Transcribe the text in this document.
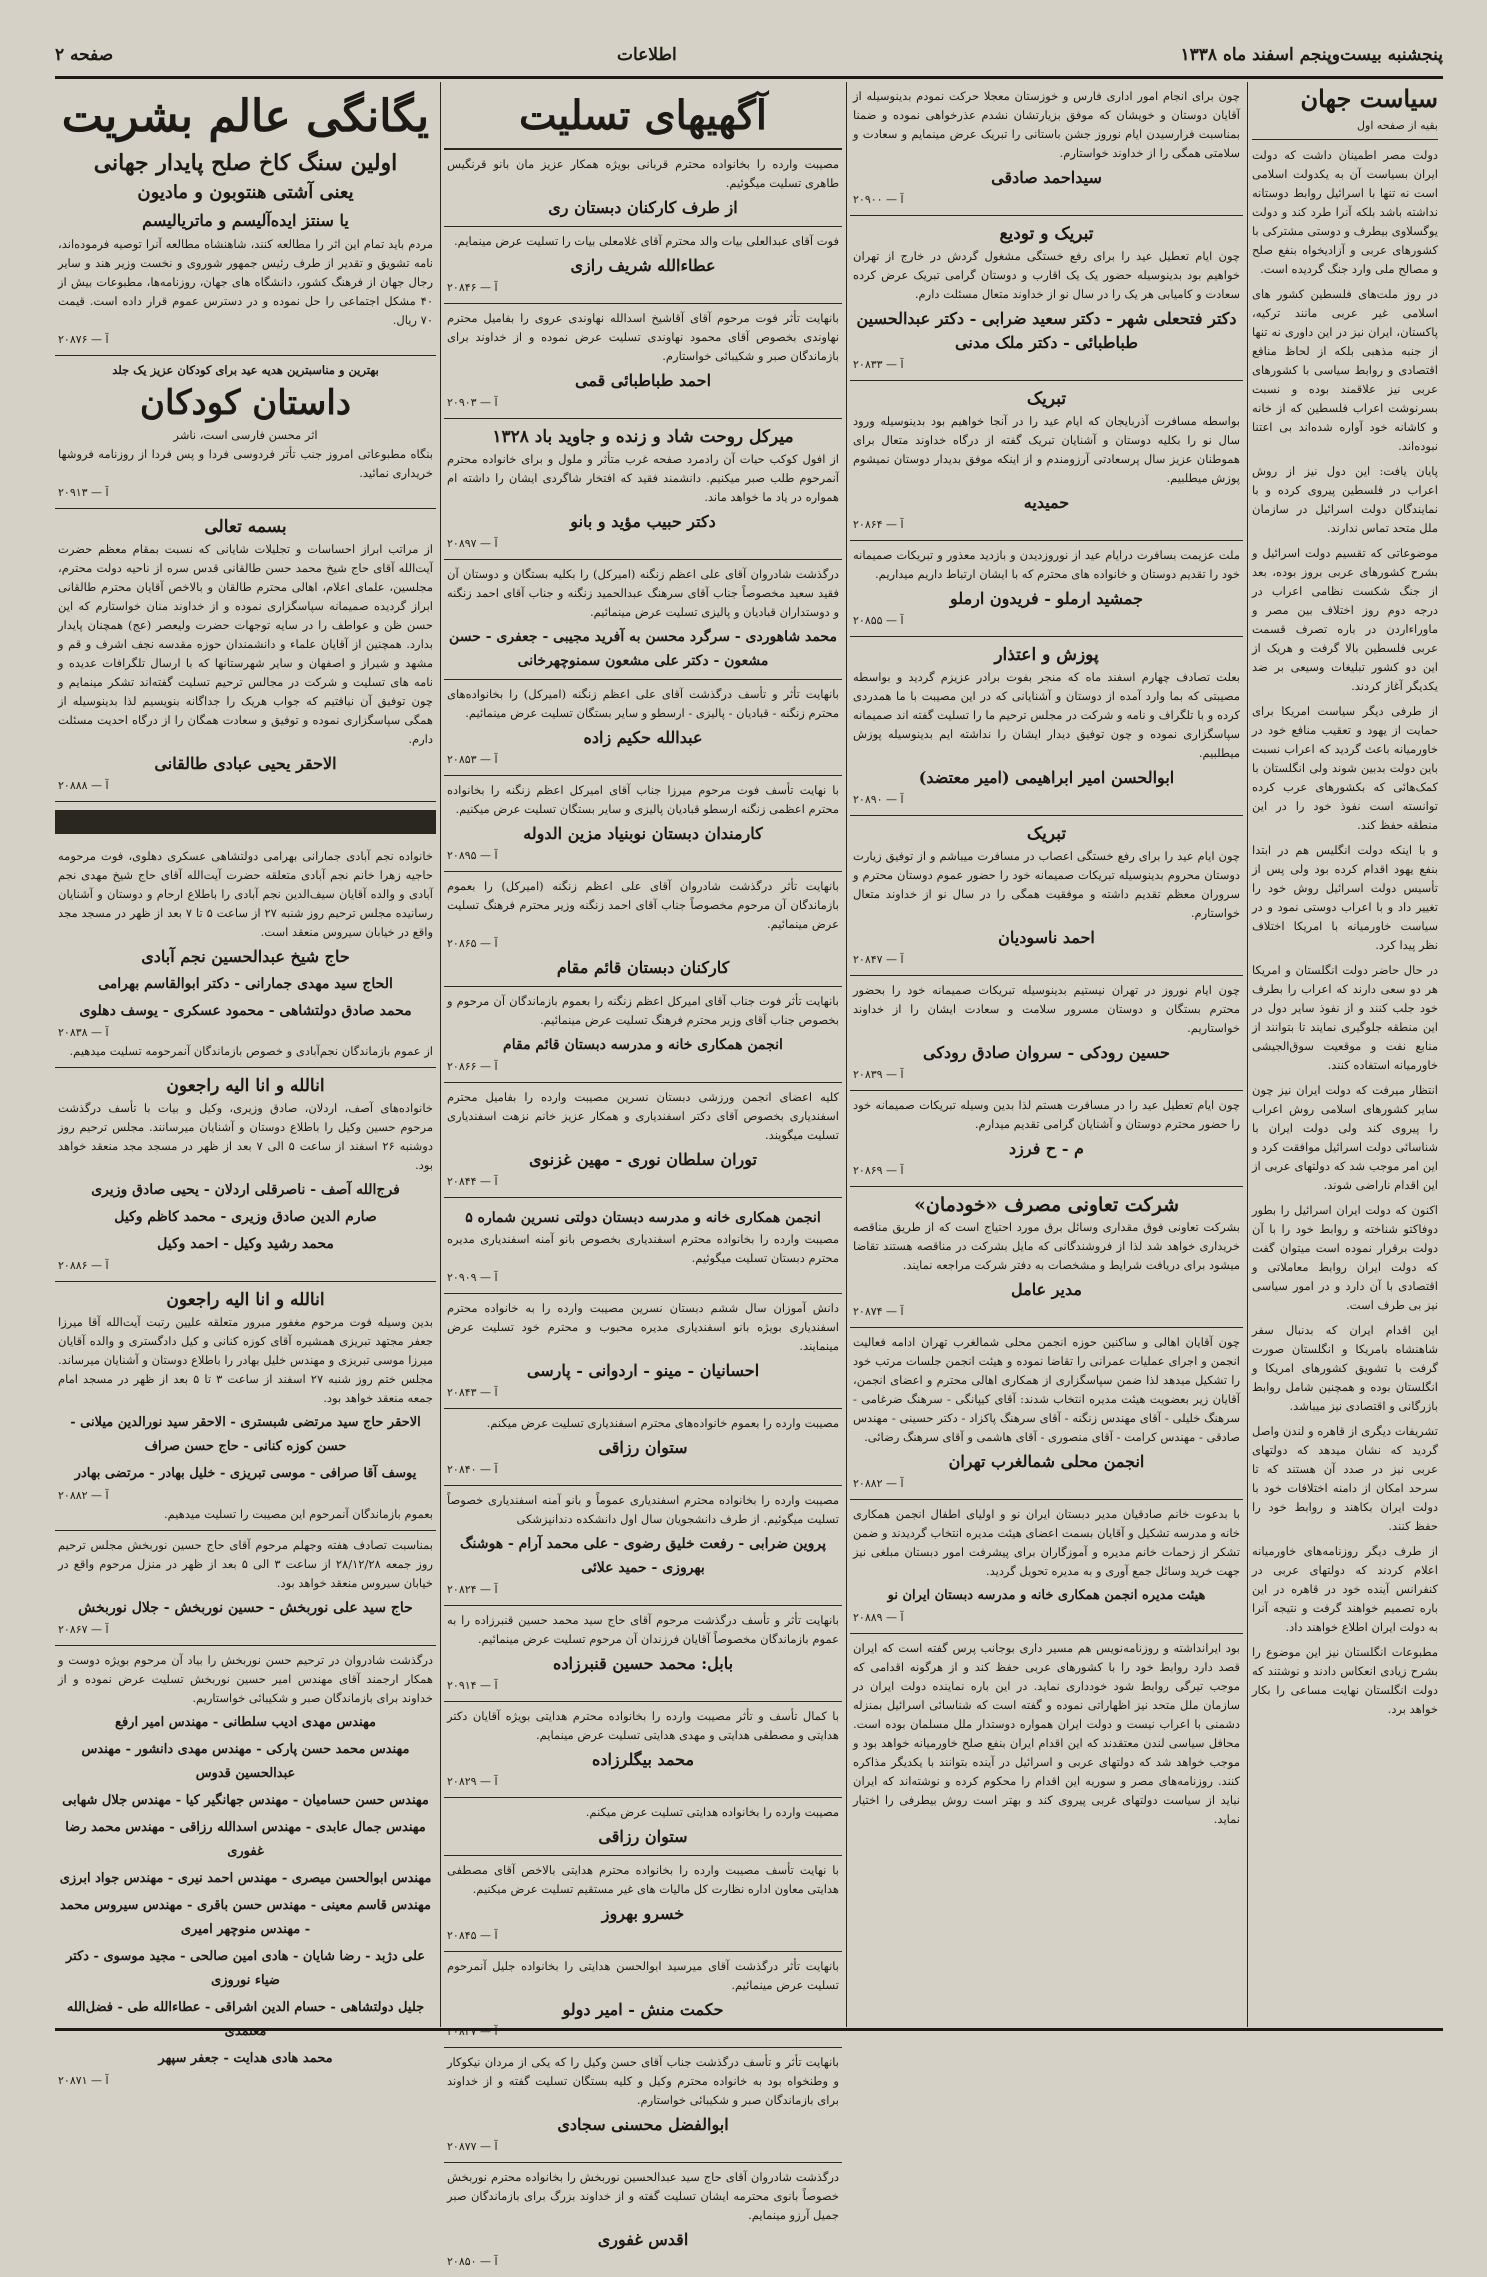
صفحه ۲	اطلاعات	پنجشنبه بیست‌وپنجم اسفند ماه ۱۳۳۸
سیاست جهان
بقیه از صفحه اول

دولت مصر اطمینان داشت که دولت ایران بسیاست آن به یکدولت اسلامی است نه تنها با اسرائیل روابط دوستانه نداشته باشد بلکه آنرا طرد کند و دولت یوگسلاوی بیطرف و دوستی مشترکی با کشورهای عربی و آزادیخواه بنفع صلح و مصالح ملی وارد جنگ گردیده است.

در روز ملت‌های فلسطین کشور های اسلامی غیر عربی مانند ترکیه، پاکستان، ایران نیز در این داوری نه تنها از جنبه مذهبی بلکه از لحاظ منافع اقتصادی و روابط سیاسی با کشورهای عربی نیز علاقمند بوده و نسبت بسرنوشت اعراب فلسطین که از خانه و کاشانه خود آواره شده‌اند بی اعتنا نبوده‌اند.

پایان یافت: این دول نیز از روش اعراب در فلسطین پیروی کرده و با نمایندگان دولت اسرائیل در سازمان ملل متحد تماس ندارند.

موضوعاتی که تقسیم دولت اسرائیل و بشرح کشورهای عربی بروز بوده، بعد از جنگ شکست نظامی اعراب در درجه دوم روز اختلاف بین مصر و ماوراءاردن در باره تصرف قسمت عربی فلسطین بالا گرفت و هریک از این دو کشور تبلیغات وسیعی بر ضد یکدیگر آغاز کردند.

از طرفی دیگر سیاست امریکا برای حمایت از یهود و تعقیب منافع خود در خاورمیانه باعث گردید که اعراب نسبت باین دولت بدبین شوند ولی انگلستان با کمک‌هائی که بکشورهای عرب کرده توانسته است نفوذ خود را در این منطقه حفظ کند.

و با اینکه دولت انگلیس هم در ابتدا بنفع یهود اقدام کرده بود ولی پس از تأسیس دولت اسرائیل روش خود را تغییر داد و با اعراب دوستی نمود و در سیاست خاورمیانه با امریکا اختلاف نظر پیدا کرد.

در حال حاضر دولت انگلستان و امریکا هر دو سعی دارند که اعراب را بطرف خود جلب کنند و از نفوذ سایر دول در این منطقه جلوگیری نمایند تا بتوانند از منابع نفت و موقعیت سوق‌الجیشی خاورمیانه استفاده کنند.

انتظار میرفت که دولت ایران نیز چون سایر کشورهای اسلامی روش اعراب را پیروی کند ولی دولت ایران با شناسائی دولت اسرائیل موافقت کرد و این امر موجب شد که دولتهای عربی از این اقدام ناراضی شوند.

اکنون که دولت ایران اسرائیل را بطور دوفاکتو شناخته و روابط خود را با آن دولت برقرار نموده است میتوان گفت که دولت ایران روابط معاملاتی و اقتصادی با آن دارد و در امور سیاسی نیز بی طرف است.

این اقدام ایران که بدنبال سفر شاهنشاه بامریکا و انگلستان صورت گرفت با تشویق کشورهای امریکا و انگلستان بوده و همچنین شامل روابط بازرگانی و اقتصادی نیز میباشد.

تشریفات دیگری از قاهره و لندن واصل گردید که نشان میدهد که دولتهای عربی نیز در صدد آن هستند که تا سرحد امکان از دامنه اختلافات خود با دولت ایران بکاهند و روابط خود را حفظ کنند.

از طرف دیگر روزنامه‌های خاورمیانه اعلام کردند که دولتهای عربی در کنفرانس آینده خود در قاهره در این باره تصمیم خواهند گرفت و نتیجه آنرا به دولت ایران اطلاع خواهند داد.

مطبوعات انگلستان نیز این موضوع را بشرح زیادی انعکاس دادند و نوشتند که دولت انگلستان نهایت مساعی را بکار خواهد برد.

چون برای انجام امور اداری فارس و خوزستان معجلا حرکت نمودم بدینوسیله از آقایان دوستان و خویشان که موفق بزیارتشان نشدم عذرخواهی نموده و ضمنا بمناسبت فرارسیدن ایام نوروز جشن باستانی را تبریک عرض مینمایم و سعادت و سلامتی همگی را از خداوند خواستارم.

سیداحمد صادقی
آ — ۲۰۹۰۰
تبریک و تودیع

چون ایام تعطیل عید را برای رفع خستگی مشغول گردش در خارج از تهران خواهیم بود بدینوسیله حضور یک یک اقارب و دوستان گرامی تبریک عرض کرده سعادت و کامیابی هر یک را در سال نو از خداوند متعال مسئلت دارم.

دکتر فتحعلی شهر - دکتر سعید ضرابی - دکتر عبدالحسین طباطبائی - دکتر ملک مدنی
آ — ۲۰۸۳۳
تبریک

بواسطه مسافرت آذربایجان که ایام عید را در آنجا خواهیم بود بدینوسیله ورود سال نو را بکلیه دوستان و آشنایان تبریک گفته از درگاه خداوند متعال برای هموطنان عزیز سال پرسعادتی آرزومندم و از اینکه موفق بدیدار دوستان نمیشوم پوزش میطلبیم.

حمیدیه
آ — ۲۰۸۶۴

ملت عزیمت بسافرت درایام عید از نوروزدیدن و بازدید معذور و تبریکات صمیمانه خود را تقدیم دوستان و خانواده های محترم که با ایشان ارتباط داریم میداریم.

جمشید ارملو - فریدون ارملو
آ — ۲۰۸۵۵
پوزش و اعتذار

بعلت تصادف چهارم اسفند ماه که منجر بفوت برادر عزیزم گردید و بواسطه مصیبتی که بما وارد آمده از دوستان و آشنایانی که در این مصیبت با ما همدردی کرده و با تلگراف و نامه و شرکت در مجلس ترحیم ما را تسلیت گفته اند صمیمانه سپاسگزاری نموده و چون توفیق دیدار ایشان را نداشته ایم بدینوسیله پوزش میطلبیم.

ابوالحسن امیر ابراهیمی (امیر معتضد)
آ — ۲۰۸۹۰
تبریک

چون ایام عید را برای رفع خستگی اعصاب در مسافرت میباشم و از توفیق زیارت دوستان محروم بدینوسیله تبریکات صمیمانه خود را حضور عموم دوستان محترم و سروران معظم تقدیم داشته و موفقیت همگی را در سال نو از خداوند متعال خواستارم.

احمد ناسودیان
آ — ۲۰۸۴۷

چون ایام نوروز در تهران نیستیم بدینوسیله تبریکات صمیمانه خود را بحضور محترم بستگان و دوستان مسرور سلامت و سعادت ایشان را از خداوند خواستاریم.

حسین رودکی - سروان صادق رودکی
آ — ۲۰۸۳۹

چون ایام تعطیل عید را در مسافرت هستم لذا بدین وسیله تبریکات صمیمانه خود را حضور محترم دوستان و آشنایان گرامی تقدیم میدارم.

م - ح فرزد
آ — ۲۰۸۶۹
شرکت تعاونی مصرف «خودمان»

بشرکت تعاونی فوق مقداری وسائل برق مورد احتیاج است که از طریق مناقصه خریداری خواهد شد لذا از فروشندگانی که مایل بشرکت در مناقصه هستند تقاضا میشود برای دریافت شرایط و مشخصات به دفتر شرکت مراجعه نمایند.

مدیر عامل
آ — ۲۰۸۷۴

چون آقایان اهالی و ساکنین حوزه انجمن محلی شمالغرب تهران ادامه فعالیت انجمن و اجرای عملیات عمرانی را تقاضا نموده و هیئت انجمن جلسات مرتب خود را تشکیل میدهد لذا ضمن سپاسگزاری از همکاری اهالی محترم و اعضای انجمن، آقایان زیر بعضویت هیئت مدیره انتخاب شدند: آقای کیپانگی - سرهنگ ضرغامی - سرهنگ خلیلی - آقای مهندس زنگنه - آقای سرهنگ پاکزاد - دکتر حسینی - مهندس صادقی - مهندس کرامت - آقای منصوری - آقای هاشمی و آقای سرهنگ رضائی.

انجمن محلی شمالغرب تهران
آ — ۲۰۸۸۲

با بدعوت خانم صادقیان مدیر دبستان ایران نو و اولیای اطفال انجمن همکاری خانه و مدرسه تشکیل و آقایان بسمت اعضای هیئت مدیره انتخاب گردیدند و ضمن تشکر از زحمات خانم مدیره و آموزگاران برای پیشرفت امور دبستان مبلغی نیز جهت خرید وسائل جمع آوری و به مدیره تحویل گردید.

هیئت مدیره انجمن همکاری خانه و مدرسه دبستان ایران نو
آ — ۲۰۸۸۹

بود ایرانداشته و روزنامه‌نویس هم مسیر داری بوجانب پرس گفته است که ایران قصد دارد روابط خود را با کشورهای عربی حفظ کند و از هرگونه اقدامی که موجب تیرگی روابط شود خودداری نماید. در این باره نماینده دولت ایران در سازمان ملل متحد نیز اظهاراتی نموده و گفته است که شناسائی اسرائیل بمنزله دشمنی با اعراب نیست و دولت ایران همواره دوستدار ملل مسلمان بوده است. محافل سیاسی لندن معتقدند که این اقدام ایران بنفع صلح خاورمیانه خواهد بود و موجب خواهد شد که دولتهای عربی و اسرائیل در آینده بتوانند با یکدیگر مذاکره کنند. روزنامه‌های مصر و سوریه این اقدام را محکوم کرده و نوشته‌اند که ایران نباید از سیاست دولتهای غربی پیروی کند و بهتر است روش بیطرفی را اختیار نماید.

آگهیهای تسلیت

مصیبت وارده را بخانواده محترم قربانی بویژه همکار عزیز مان بانو قرنگیس طاهری تسلیت میگوئیم.

از طرف کارکنان دبستان ری

فوت آقای عبدالعلی بیات والد محترم آقای غلامعلی بیات را تسلیت عرض مینمایم.

عطاءالله شریف رازی
آ — ۲۰۸۴۶

بانهایت تأثر فوت مرحوم آقای آقاشیخ اسدالله نهاوندی عروی را بفامیل محترم نهاوندی بخصوص آقای محمود نهاوندی تسلیت عرض نموده و از خداوند برای بازماندگان صبر و شکیبائی خواستارم.

احمد طباطبائی قمی
آ — ۲۰۹۰۳
میرکل روحت شاد و زنده و جاوید باد ۱۳۲۸

از افول کوکب حیات آن رادمرد صفحه غرب متأثر و ملول و برای خانواده محترم آنمرحوم طلب صبر میکنیم. دانشمند فقید که افتخار شاگردی ایشان را داشته ام همواره در یاد ما خواهد ماند.

دکتر حبیب مؤید و بانو
آ — ۲۰۸۹۷

درگذشت شادروان آقای علی اعظم زنگنه (امیرکل) را بکلیه بستگان و دوستان آن فقید سعید مخصوصاً جناب آقای سرهنگ عبدالحمید زنگنه و جناب آقای احمد زنگنه و دوستداران قبادیان و پالیزی تسلیت عرض مینمائیم.

محمد شاهوردی - سرگرد محسن به آفرید مجیبی - جعفری - حسن مشعون - دکتر علی مشعون سمنوچهرخانی

بانهایت تأثر و تأسف درگذشت آقای علی اعظم زنگنه (امیرکل) را بخانواده‌های محترم زنگنه - قبادیان - پالیزی - ارسطو و سایر بستگان تسلیت عرض مینمائیم.

عبدالله حکیم زاده
آ — ۲۰۸۵۳

با نهایت تأسف فوت مرحوم میرزا جناب آقای امیرکل اعظم زنگنه را بخانواده محترم اعظمی زنگنه ارسطو قبادیان پالیزی و سایر بستگان تسلیت عرض میکنیم.

کارمندان دبستان نوبنیاد مزین الدوله
آ — ۲۰۸۹۵

بانهایت تأثر درگذشت شادروان آقای علی اعظم زنگنه (امیرکل) را بعموم بازماندگان آن مرحوم مخصوصاً جناب آقای احمد زنگنه وزیر محترم فرهنگ تسلیت عرض مینمائیم.

آ — ۲۰۸۶۵
کارکنان دبستان قائم مقام

بانهایت تأثر فوت جناب آقای امیرکل اعظم زنگنه را بعموم بازماندگان آن مرحوم و بخصوص جناب آقای وزیر محترم فرهنگ تسلیت عرض مینمائیم.

انجمن همکاری خانه و مدرسه دبستان قائم مقام
آ — ۲۰۸۶۶

کلیه اعضای انجمن ورزشی دبستان نسرین مصیبت وارده را بفامیل محترم اسفندیاری بخصوص آقای دکتر اسفندیاری و همکار عزیز خانم نزهت اسفندیاری تسلیت میگویند.

توران سلطان نوری - مهین غزنوی
آ — ۲۰۸۴۴
انجمن همکاری خانه و مدرسه دبستان دولتی نسرین شماره ۵

مصیبت وارده را بخانواده محترم اسفندیاری بخصوص بانو آمنه اسفندیاری مدیره محترم دبستان تسلیت میگوئیم.

آ — ۲۰۹۰۹

دانش آموزان سال ششم دبستان نسرین مصیبت وارده را به خانواده محترم اسفندیاری بویژه بانو اسفندیاری مدیره محبوب و محترم خود تسلیت عرض مینمایند.

احسانیان - مینو - اردوانی - پارسی
آ — ۲۰۸۴۳

مصیبت وارده را بعموم خانواده‌های محترم اسفندیاری تسلیت عرض میکنم.

ستوان رزاقی
آ — ۲۰۸۴۰

مصیبت وارده را بخانواده محترم اسفندیاری عموماً و بانو آمنه اسفندیاری خصوصاً تسلیت میگوئیم. از طرف دانشجویان سال اول دانشکده دندانپزشکی

پروین ضرابی - رفعت خلیق رضوی - علی محمد آرام - هوشنگ بهروزی - حمید علائی
آ — ۲۰۸۲۴

بانهایت تأثر و تأسف درگذشت مرحوم آقای حاج سید محمد حسین قنبرزاده را به عموم بازماندگان مخصوصاً آقایان فرزندان آن مرحوم تسلیت عرض مینمائیم.

بابل: محمد حسین قنبرزاده
آ — ۲۰۹۱۴

با کمال تأسف و تأثر مصیبت وارده را بخانواده محترم هدایتی بویژه آقایان دکتر هدایتی و مصطفی هدایتی و مهدی هدایتی تسلیت عرض مینمایم.

محمد بیگلرزاده
آ — ۲۰۸۲۹

مصیبت وارده را بخانواده هدایتی تسلیت عرض میکنم.

ستوان رزاقی

با نهایت تأسف مصیبت وارده را بخانواده محترم هدایتی بالاخص آقای مصطفی هدایتی معاون اداره نظارت کل مالیات های غیر مستقیم تسلیت عرض میکنیم.

خسرو بهروز
آ — ۲۰۸۴۵

بانهایت تأثر درگذشت آقای میرسید ابوالحسن هدایتی را بخانواده جلیل آنمرحوم تسلیت عرض مینمائیم.

حکمت منش - امیر دولو
آ — ۲۰۸۳۷

بانهایت تأثر و تأسف درگذشت جناب آقای حسن وکیل را که یکی از مردان نیکوکار و وطنخواه بود به خانواده محترم وکیل و کلیه بستگان تسلیت گفته و از خداوند برای بازماندگان صبر و شکیبائی خواستارم.

ابوالفضل محسنی سجادی
آ — ۲۰۸۷۷

درگذشت شادروان آقای حاج سید عبدالحسین نوربخش را بخانواده محترم نوربخش خصوصاً بانوی محترمه ایشان تسلیت گفته و از خداوند بزرگ برای بازماندگان صبر جمیل آرزو مینمایم.

اقدس غفوری
آ — ۲۰۸۵۰
یگانگی عالم بشریت
اولین سنگ کاخ صلح پایدار جهانی
یعنی آشتی هنتوبون و مادیون
یا سنتز ایده‌آلیسم و ماتریالیسم

مردم باید تمام این اثر را مطالعه کنند، شاهنشاه مطالعه آنرا توصیه فرموده‌اند، نامه تشویق و تقدیر از طرف رئیس جمهور شوروی و نخست وزیر هند و سایر رجال جهان از فرهنگ کشور، دانشگاه های جهان، روزنامه‌ها، مطبوعات بیش از ۴۰ مشکل اجتماعی را حل نموده و در دسترس عموم قرار داده است. قیمت ۷۰ ریال.

آ — ۲۰۸۷۶

بهترین و مناسبترین هدیه عید برای کودکان عزیز یک جلد

داستان کودکان

اثر محسن فارسی است، ناشر

بنگاه مطبوعاتی امروز جنب تأتر فردوسی فردا و پس فردا از روزنامه فروشها خریداری نمائید.

آ — ۲۰۹۱۳
بسمه تعالی

از مراتب ابراز احساسات و تجلیلات شایانی که نسبت بمقام معظم حضرت آیت‌الله آقای حاج شیخ محمد حسن طالقانی قدس سره از ناحیه دولت محترم، مجلسین، علمای اعلام، اهالی محترم طالقان و بالاخص آقایان محترم طالقانی ابراز گردیده صمیمانه سپاسگزاری نموده و از خداوند منان خواستارم که این حسن ظن و عواطف را در سایه توجهات حضرت ولیعصر (عج) همچنان پایدار بدارد. همچنین از آقایان علماء و دانشمندان حوزه مقدسه نجف اشرف و قم و مشهد و شیراز و اصفهان و سایر شهرستانها که با ارسال تلگرافات عدیده و نامه های تسلیت و شرکت در مجالس ترحیم تسلیت گفته‌اند تشکر مینمایم و چون توفیق آن نیافتیم که جواب هریک را جداگانه بنویسیم لذا بدینوسیله از همگی سپاسگزاری نموده و توفیق و سعادت همگان را از درگاه احدیت مسئلت دارم.

الاحقر یحیی عبادی طالقانی
آ — ۲۰۸۸۸

خانواده نجم آبادی جمارانی بهرامی دولتشاهی عسکری دهلوی، فوت مرحومه حاجیه زهرا خانم نجم آبادی متعلقه حضرت آیت‌الله آقای حاج شیخ مهدی نجم آبادی و والده آقایان سیف‌الدین نجم آبادی را باطلاع ارحام و دوستان و آشنایان رسانیده مجلس ترحیم روز شنبه ۲۷ از ساعت ۵ تا ۷ بعد از ظهر در مسجد مجد واقع در خیابان سیروس منعقد است.

حاج شیخ عبدالحسین نجم آبادی
الحاج سید مهدی جمارانی - دکتر ابوالقاسم بهرامی
محمد صادق دولتشاهی - محمود عسکری - یوسف دهلوی
آ — ۲۰۸۳۸

از عموم بازماندگان نجم‌آبادی و خصوص بازماندگان آنمرحومه تسلیت میدهیم.

انالله و انا الیه راجعون

خانواده‌های آصف، اردلان، صادق وزیری، وکیل و بیات با تأسف درگذشت مرحوم حسین وکیل را باطلاع دوستان و آشنایان میرسانند. مجلس ترحیم روز دوشنبه ۲۶ اسفند از ساعت ۵ الی ۷ بعد از ظهر در مسجد مجد منعقد خواهد بود.

فرج‌الله آصف - ناصرقلی اردلان - یحیی صادق وزیری
صارم الدین صادق وزیری - محمد کاظم وکیل
محمد رشید وکیل - احمد وکیل
آ — ۲۰۸۸۶
انالله و انا الیه راجعون

بدین وسیله فوت مرحوم مغفور مبرور متعلقه علیین رتبت آیت‌الله آقا میرزا جعفر مجتهد تبریزی همشیره آقای کوزه کنانی و کیل دادگستری و والده آقایان میرزا موسی تبریزی و مهندس خلیل بهادر را باطلاع دوستان و آشنایان میرساند. مجلس ختم روز شنبه ۲۷ اسفند از ساعت ۳ تا ۵ بعد از ظهر در مسجد امام جمعه منعقد خواهد بود.

الاحقر حاج سید مرتضی شبستری - الاحقر سید نورالدین میلانی - حسن کوزه کنانی - حاج حسن صراف
یوسف آقا صرافی - موسی تبریزی - خلیل بهادر - مرتضی بهادر
آ — ۲۰۸۸۲

بعموم بازماندگان آنمرحوم این مصیبت را تسلیت میدهیم.

بمناسبت تصادف هفته وجهلم مرحوم آقای حاج حسین نوربخش مجلس ترحیم روز جمعه ۲۸/۱۲/۲۸ از ساعت ۳ الی ۵ بعد از ظهر در منزل مرحوم واقع در خیابان سیروس منعقد خواهد بود.

حاج سید علی نوربخش - حسین نوربخش - جلال نوربخش
آ — ۲۰۸۶۷

درگذشت شادروان در ترحیم حسن نوربخش را بیاد آن مرحوم بویژه دوست و همکار ارجمند آقای مهندس امیر حسین نوربخش تسلیت عرض نموده و از خداوند برای بازماندگان صبر و شکیبائی خواستاریم.

مهندس مهدی ادیب سلطانی - مهندس امیر ارفع
مهندس محمد حسن پارکی - مهندس مهدی دانشور - مهندس عبدالحسین قدوس
مهندس حسن حسامیان - مهندس جهانگیر کیا - مهندس جلال شهابی
مهندس جمال عابدی - مهندس اسدالله رزاقی - مهندس محمد رضا غفوری
مهندس ابوالحسن میصری - مهندس احمد نیری - مهندس جواد ابرزی
مهندس قاسم معینی - مهندس حسن باقری - مهندس سیروس محمد - مهندس منوچهر امیری
علی دژبد - رضا شایان - هادی امین صالحی - مجید موسوی - دکتر ضیاء نوروزی
جلیل دولتشاهی - حسام الدین اشراقی - عطاءالله طی - فضل‌الله معتمدی
محمد هادی هدایت - جعفر سپهر
آ — ۲۰۸۷۱
